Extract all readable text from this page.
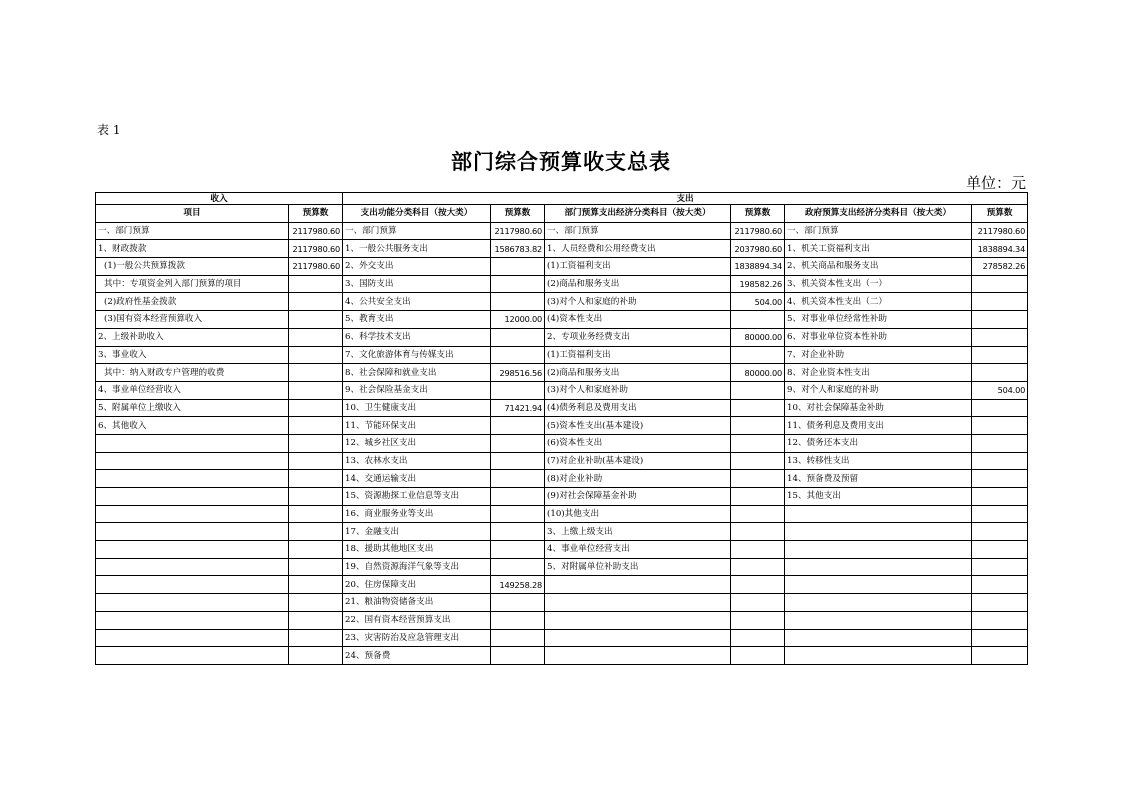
表 1
部门综合预算收支总表
单位：元
收入		支出					
项目	预算数	支出功能分类科目（按大类）	预算数	部门预算支出经济分类科目（按大类）	预算数	政府预算支出经济分类科目（按大类）	预算数
一、部门预算	2117980.60	一、部门预算	2117980.60	一、部门预算	2117980.60	一、部门预算	2117980.60
1、财政拨款	2117980.60	1、一般公共服务支出	1586783.82	1、人员经费和公用经费支出	2037980.60	1、机关工资福利支出	1838894.34
(1)一般公共预算拨款	2117980.60	2、外交支出		(1)工资福利支出	1838894.34	2、机关商品和服务支出	278582.26
其中：专项资金列入部门预算的项目		3、国防支出		(2)商品和服务支出	198582.26	3、机关资本性支出（一）	
(2)政府性基金拨款		4、公共安全支出		(3)对个人和家庭的补助	504.00	4、机关资本性支出（二）	
(3)国有资本经营预算收入		5、教育支出	12000.00	(4)资本性支出		5、对事业单位经常性补助	
2、上级补助收入		6、科学技术支出		2、专项业务经费支出	80000.00	6、对事业单位资本性补助	
3、事业收入		7、文化旅游体育与传媒支出		(1)工资福利支出		7、对企业补助	
其中：纳入财政专户管理的收费		8、社会保障和就业支出	298516.56	(2)商品和服务支出	80000.00	8、对企业资本性支出	
4、事业单位经营收入		9、社会保险基金支出		(3)对个人和家庭补助		9、对个人和家庭的补助	504.00
5、附属单位上缴收入		10、卫生健康支出	71421.94	(4)债务利息及费用支出		10、对社会保障基金补助	
6、其他收入		11、节能环保支出		(5)资本性支出(基本建设)		11、债务利息及费用支出	
		12、城乡社区支出		(6)资本性支出		12、债务还本支出	
		13、农林水支出		(7)对企业补助(基本建设)		13、转移性支出	
		14、交通运输支出		(8)对企业补助		14、预备费及预留	
		15、资源勘探工业信息等支出		(9)对社会保障基金补助		15、其他支出	
		16、商业服务业等支出		(10)其他支出			
		17、金融支出		3、上缴上级支出			
		18、援助其他地区支出		4、事业单位经营支出			
		19、自然资源海洋气象等支出		5、对附属单位补助支出			
		20、住房保障支出	149258.28				
		21、粮油物资储备支出					
		22、国有资本经营预算支出					
		23、灾害防治及应急管理支出					
		24、预备费					
